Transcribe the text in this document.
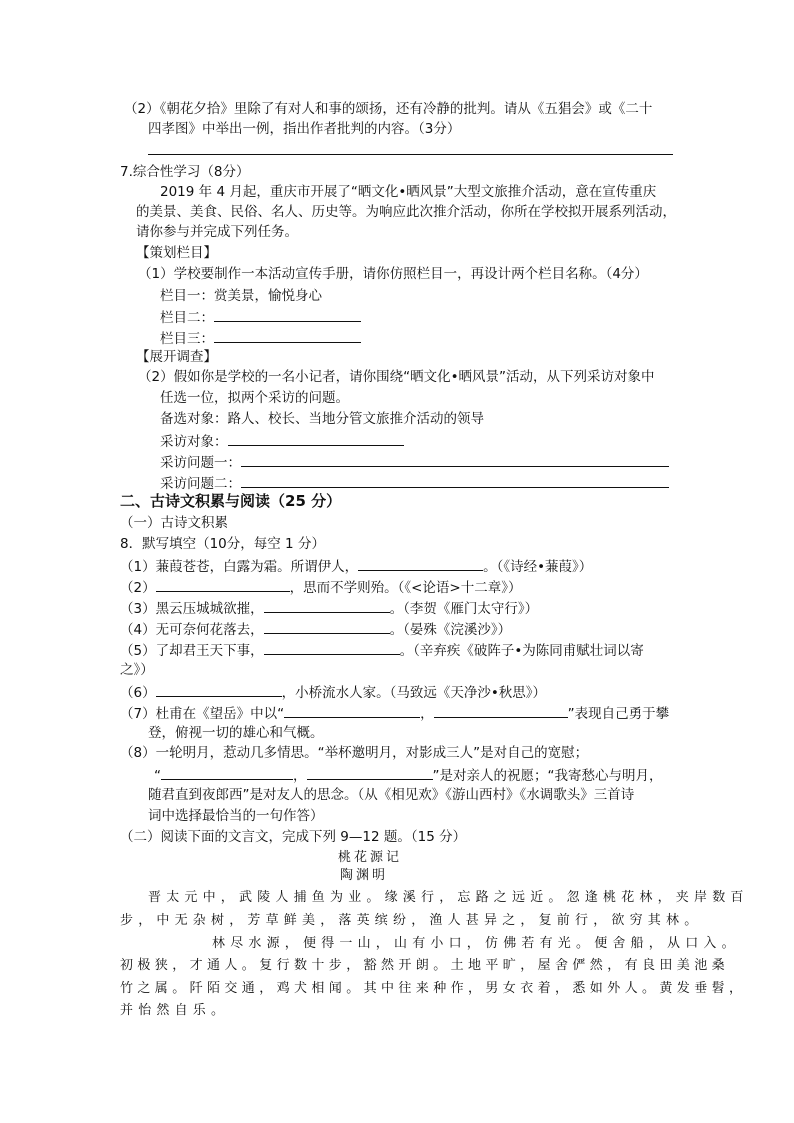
（2）《朝花夕拾》里除了有对人和事的颂扬，还有冷静的批判。请从《五猖会》或《二十
四孝图》中举出一例，指出作者批判的内容。（3分）
7.综合性学习（8分）
2019 年 4 月起，重庆市开展了“晒文化•晒风景”大型文旅推介活动，意在宣传重庆
的美景、美食、民俗、名人、历史等。为响应此次推介活动，你所在学校拟开展系列活动，
请你参与并完成下列任务。
【策划栏目】
（1）学校要制作一本活动宣传手册，请你仿照栏目一，再设计两个栏目名称。（4分）
栏目一：赏美景，愉悦身心
栏目二：
栏目三：
【展开调查】
（2）假如你是学校的一名小记者，请你围绕“晒文化•晒风景”活动，从下列采访对象中
任选一位，拟两个采访的问题。
备选对象：路人、校长、当地分管文旅推介活动的领导
采访对象：
采访问题一：
采访问题二：
二、古诗文积累与阅读（25 分）
（一）古诗文积累
8．默写填空（10分，每空 1 分）
（1）蒹葭苍苍，白露为霜。所谓伊人，	。（《诗经•蒹葭》）
（2）	，思而不学则殆。（《<论语>十二章》）
（3）黑云压城城欲摧，	。（李贺《雁门太守行》）
（4）无可奈何花落去，	。（晏殊《浣溪沙》）
（5）了却君王天下事，	。（辛弃疾《破阵子•为陈同甫赋壮词以寄
之》）
（6）	，小桥流水人家。（马致远《天净沙•秋思》）
（7）杜甫在《望岳》中以“	，	”表现自己勇于攀
登，俯视一切的雄心和气概。
（8）一轮明月，惹动几多情思。“举杯邀明月，对影成三人”是对自己的宽慰；
“	，	”是对亲人的祝愿；“我寄愁心与明月，
随君直到夜郎西”是对友人的思念。（从《相见欢》《游山西村》《水调歌头》三首诗
词中选择最恰当的一句作答）
（二）阅读下面的文言文，完成下列 9—12 题。（15 分）
桃花源记
陶渊明
晋太元中，武陵人捕鱼为业。缘溪行，忘路之远近。忽逢桃花林，夹岸数百
步，中无杂树，芳草鲜美，落英缤纷，渔人甚异之，复前行，欲穷其林。
林尽水源，便得一山，山有小口，仿佛若有光。便舍船，从口入。
初极狭，才通人。复行数十步，豁然开朗。土地平旷，屋舍俨然，有良田美池桑
竹之属。阡陌交通，鸡犬相闻。其中往来种作，男女衣着，悉如外人。黄发垂髫，
并怡然自乐。
